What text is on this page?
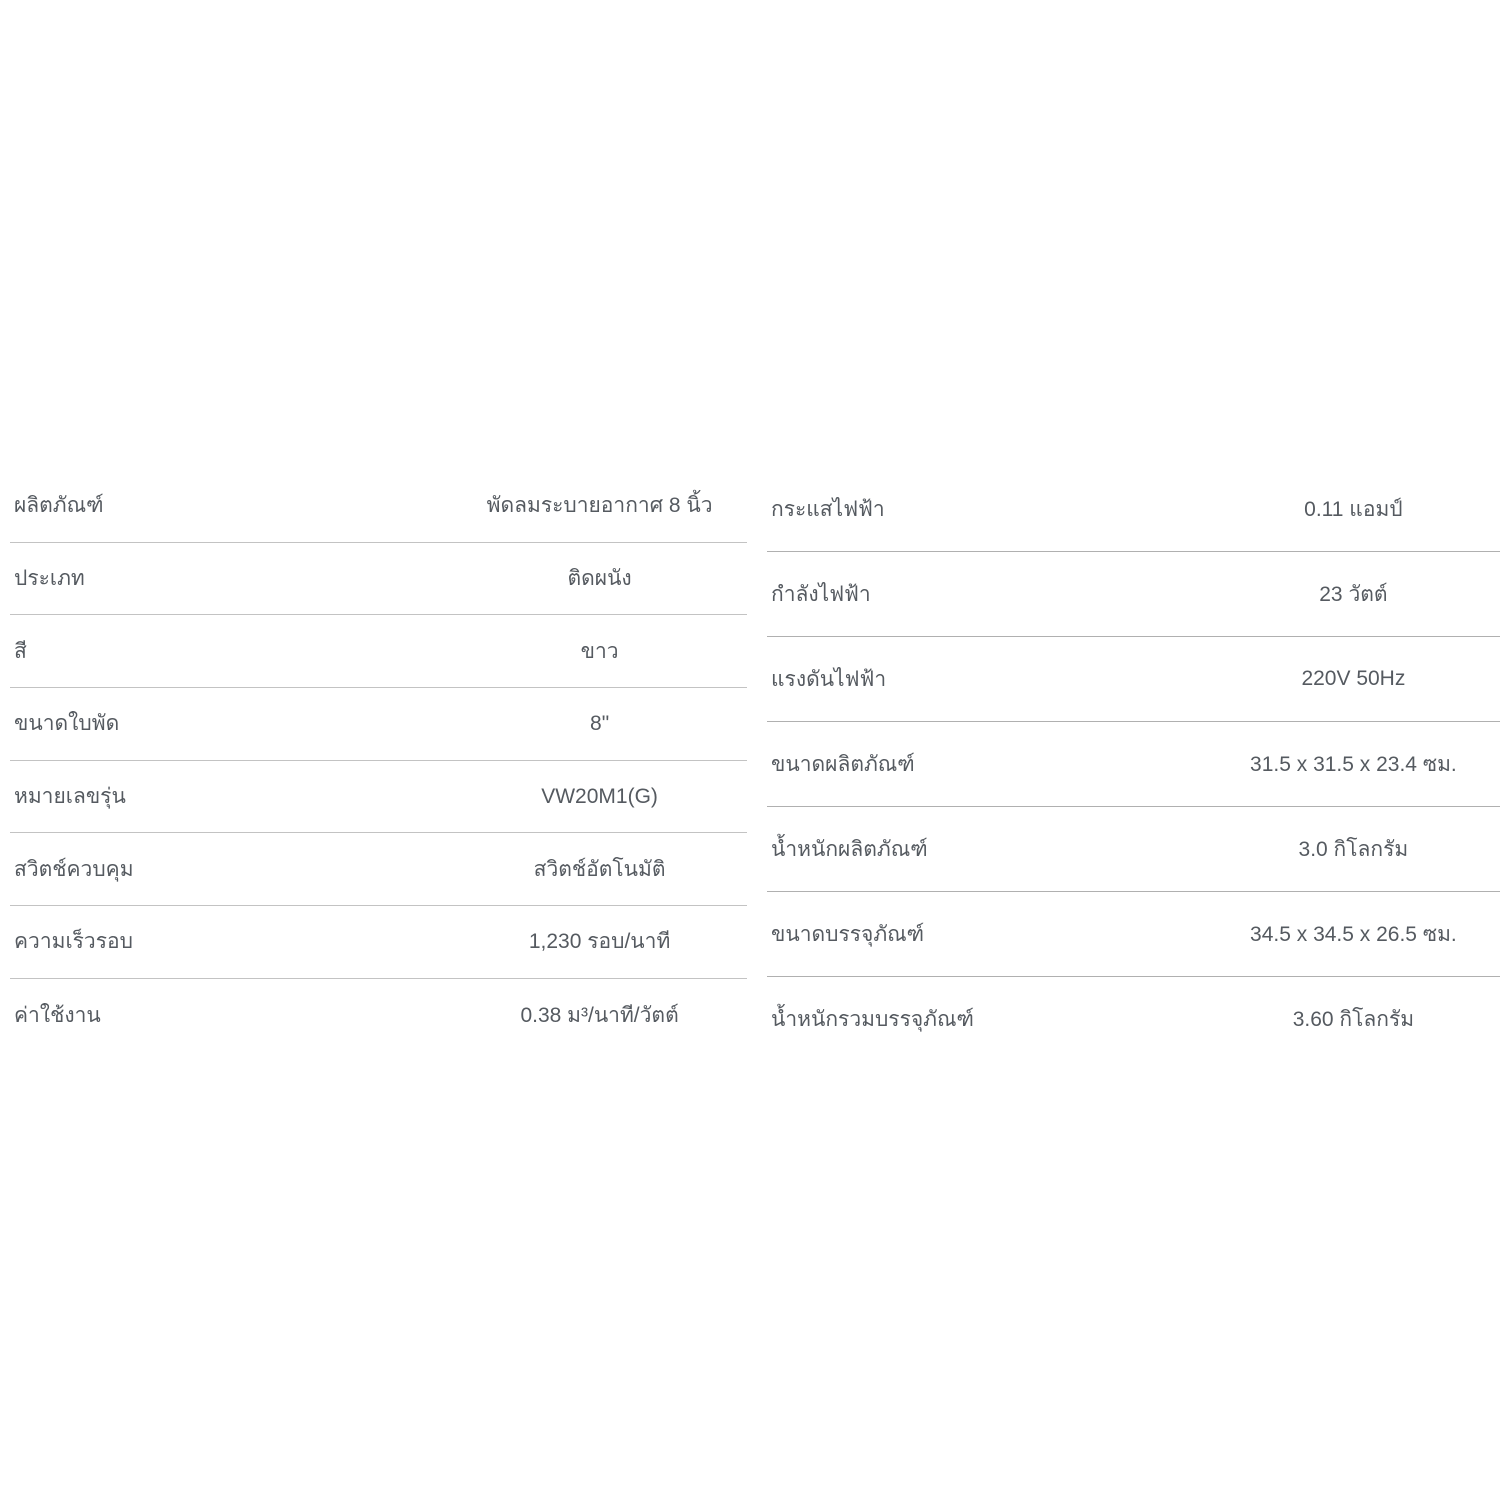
ผลิตภัณฑ์	พัดลมระบายอากาศ 8 นิ้ว
ประเภท	ติดผนัง
สี	ขาว
ขนาดใบพัด	8"
หมายเลขรุ่น	VW20M1(G)
สวิตช์ควบคุม	สวิตช์อัตโนมัติ
ความเร็วรอบ	1,230 รอบ/นาที
ค่าใช้งาน	0.38 ม³/นาที/วัตต์
กระแสไฟฟ้า	0.11 แอมป์
กำลังไฟฟ้า	23 วัตต์
แรงดันไฟฟ้า	220V 50Hz
ขนาดผลิตภัณฑ์	31.5 x 31.5 x 23.4 ซม.
น้ำหนักผลิตภัณฑ์	3.0 กิโลกรัม
ขนาดบรรจุภัณฑ์	34.5 x 34.5 x 26.5 ซม.
น้ำหนักรวมบรรจุภัณฑ์	3.60 กิโลกรัม
